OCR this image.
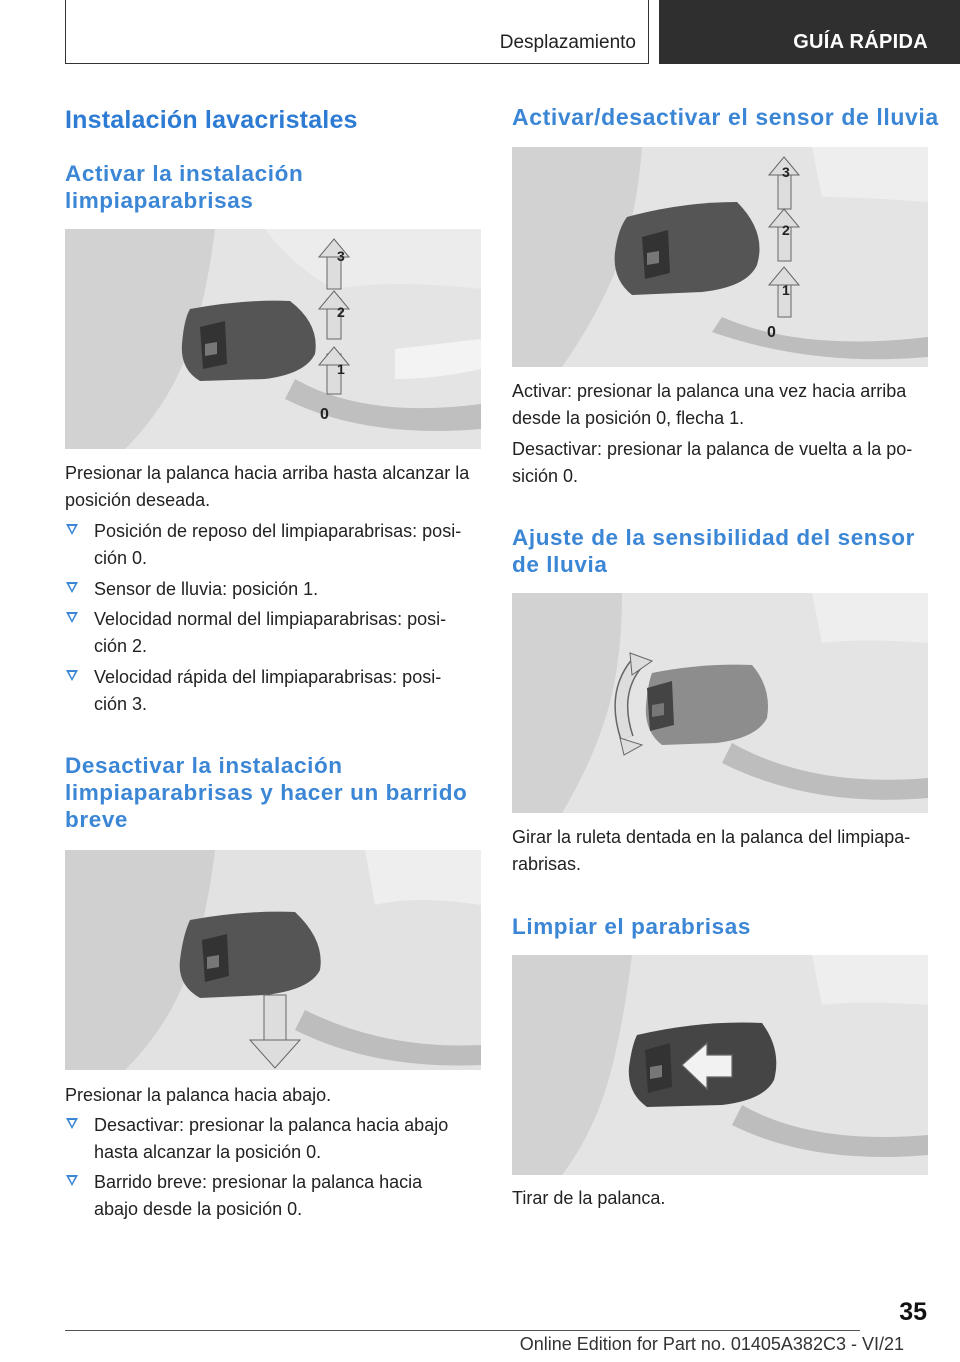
Desplazamiento	GUÍA RÁPIDA
Instalación lavacristales
Activar la instalación
limpiaparabrisas
3
2
1
0

Presionar la palanca hacia arriba hasta alcanzar la
posición deseada.

Posición de reposo del limpiaparabrisas: posi-
ción 0.
Sensor de lluvia: posición 1.
Velocidad normal del limpiaparabrisas: posi-
ción 2.
Velocidad rápida del limpiaparabrisas: posi-
ción 3.
Desactivar la instalación
limpiaparabrisas y hacer un barrido
breve

Presionar la palanca hacia abajo.

Desactivar: presionar la palanca hacia abajo
hasta alcanzar la posición 0.
Barrido breve: presionar la palanca hacia
abajo desde la posición 0.
Activar/desactivar el sensor de lluvia
3
2
1
0

Activar: presionar la palanca una vez hacia arriba
desde la posición 0, flecha 1.

Desactivar: presionar la palanca de vuelta a la po-
sición 0.

Ajuste de la sensibilidad del sensor
de lluvia

Girar la ruleta dentada en la palanca del limpiapa-
rabrisas.

Limpiar el parabrisas

Tirar de la palanca.

35
Online Edition for Part no. 01405A382C3 - VI/21
